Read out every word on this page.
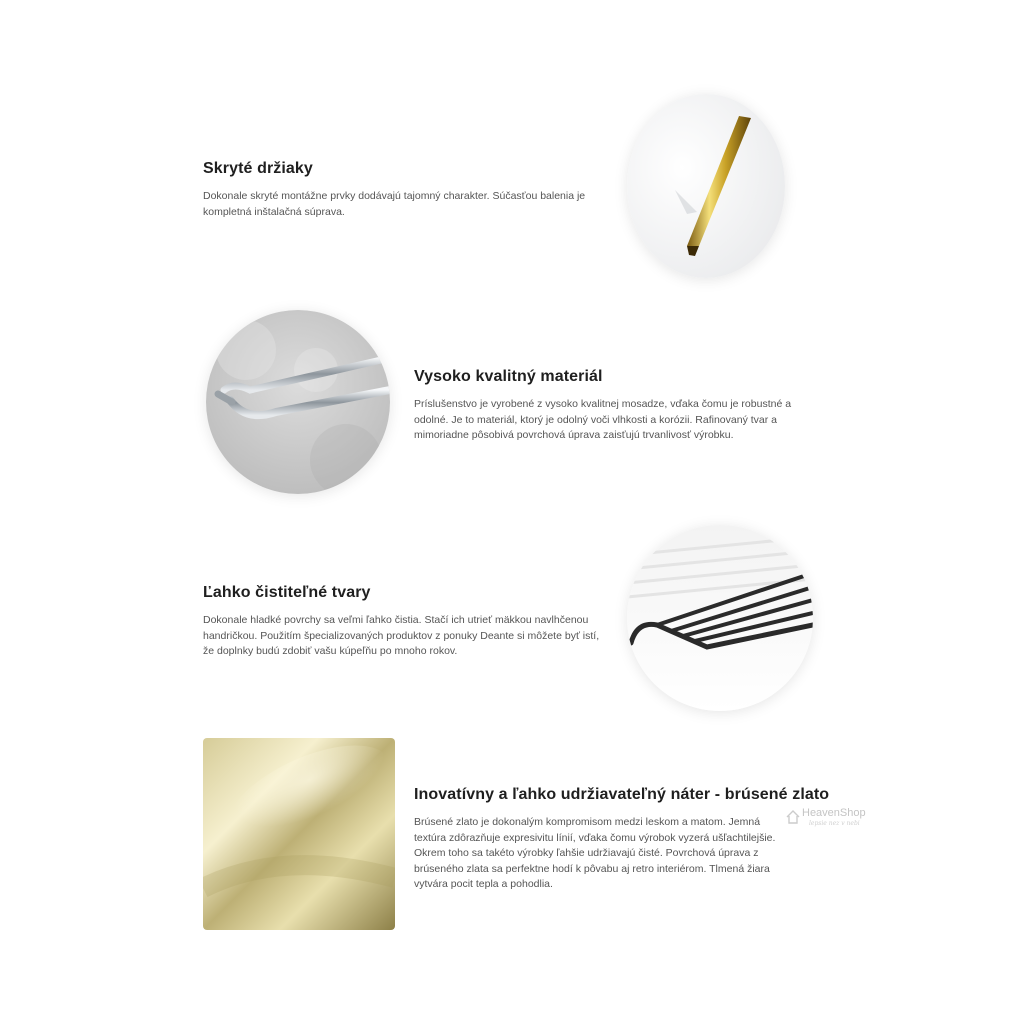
Skryté držiaky

Dokonale skryté montážne prvky dodávajú tajomný charakter. Súčasťou balenia je kompletná inštalačná súprava.

Vysoko kvalitný materiál

Príslušenstvo je vyrobené z vysoko kvalitnej mosadze, vďaka čomu je robustné a odolné. Je to materiál, ktorý je odolný voči vlhkosti a korózii. Rafinovaný tvar a mimoriadne pôsobivá povrchová úprava zaisťujú trvanlivosť výrobku.

Ľahko čistiteľné tvary

Dokonale hladké povrchy sa veľmi ľahko čistia. Stačí ich utrieť mäkkou navlhčenou handričkou. Použitím špecializovaných produktov z ponuky Deante si môžete byť istí, že doplnky budú zdobiť vašu kúpeľňu po mnoho rokov.

Inovatívny a ľahko udržiavateľný náter - brúsené zlato

Brúsené zlato je dokonalým kompromisom medzi leskom a matom. Jemná textúra zdôrazňuje expresivitu línií, vďaka čomu výrobok vyzerá ušľachtilejšie. Okrem toho sa takéto výrobky ľahšie udržiavajú čisté. Povrchová úprava z brúseného zlata sa perfektne hodí k pôvabu aj retro interiérom. Tlmená žiara vytvára pocit tepla a pohodlia.

HeavenShop
lepsie nez v nebi
